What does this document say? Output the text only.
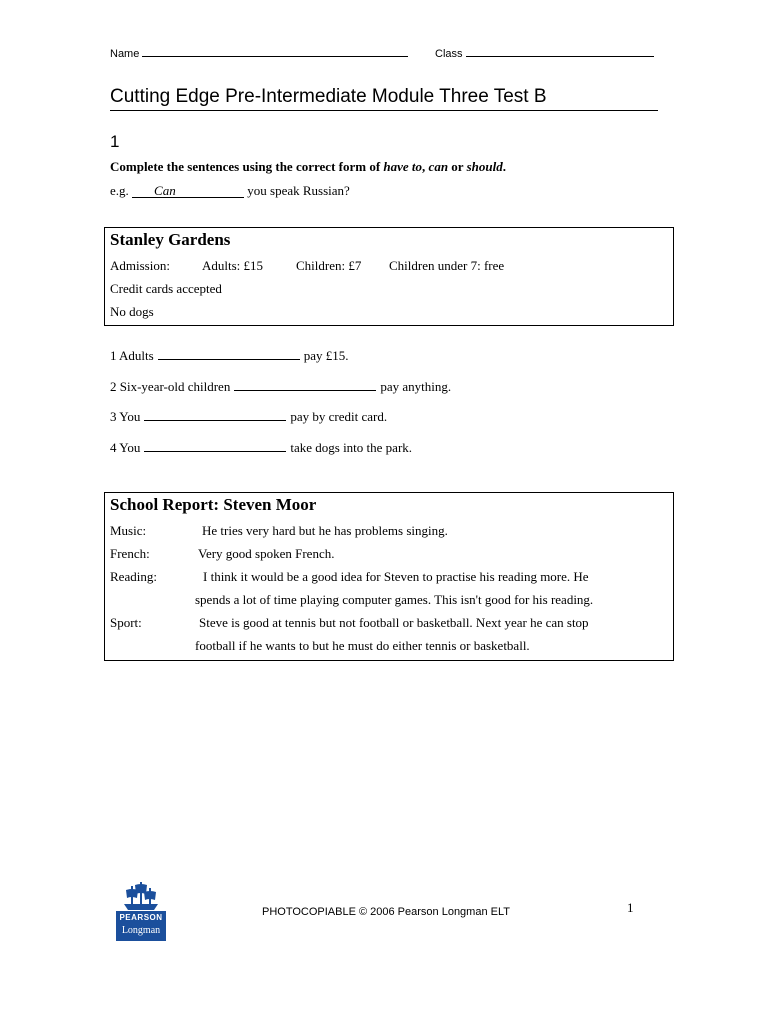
Name	Class
Cutting Edge Pre-Intermediate Module Three Test B
1
Complete the sentences using the correct form of have to, can or should.
e.g. Can	you speak Russian?
Stanley Gardens
Admission: Adults: £15	Children: £7 Children under 7: free
Credit cards accepted
No dogs
1 Adults	pay £15.
2 Six-year-old children	pay anything.
3 You	pay by credit card.
4 You	take dogs into the park.
School Report: Steven Moor
Music:	He tries very hard but he has problems singing.
French:	Very good spoken French.
Reading:	I think it would be a good idea for Steven to practise his reading more. He
spends a lot of time playing computer games. This isn't good for his reading.
Sport:	Steve is good at tennis but not football or basketball. Next year he can stop
football if he wants to but he must do either tennis or basketball.
PEARSON
Longman
PHOTOCOPIABLE © 2006 Pearson Longman ELT	1
